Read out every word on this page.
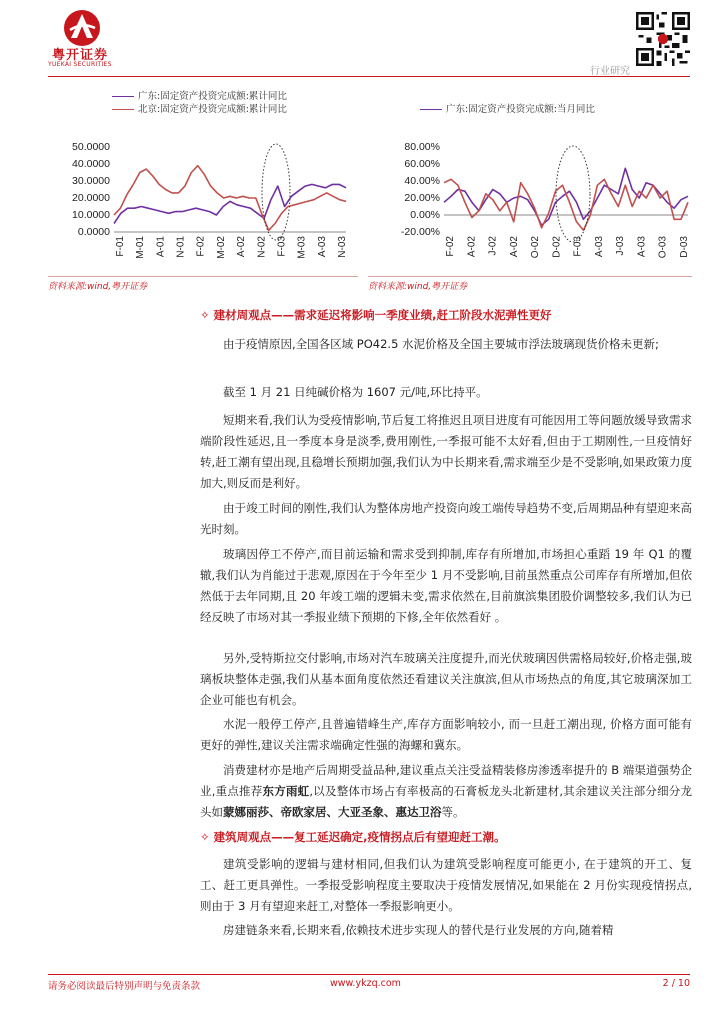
粤开证券
YUEKAI SECURITIES
行业研究
广东:固定资产投资完成额:累计同比
北京:固定资产投资完成额:累计同比	广东:固定资产投资完成额:当月同比
0.0000
10.0000
20.0000
30.0000
40.0000
50.0000
F-01 M-01 A-01 N-01 F-02 M-02 A-02 N-02 F-03 M-03 A-03 N-03
-20.00%
0.00%
20.00%
40.00%
60.00%
80.00%
F-02 A-02 J-02 A-02 O-02 D-02 F-03 A-03 J-03 A-03 O-03 D-03
资料来源:wind,粤开证券	资料来源:wind,粤开证券
✧ 建材周观点——需求延迟将影响一季度业绩,赶工阶段水泥弹性更好
由于疫情原因,全国各区域 PO42.5 水泥价格及全国主要城市浮法玻璃现货价格未更新;
截至 1 月 21 日纯碱价格为 1607 元/吨,环比持平。
短期来看,我们认为受疫情影响,节后复工将推迟且项目进度有可能因用工等问题放缓导致需求端阶段性延迟,且一季度本身是淡季,费用刚性,一季报可能不太好看,但由于工期刚性,一旦疫情好转,赶工潮有望出现,且稳增长预期加强,我们认为中长期来看,需求端至少是不受影响,如果政策力度加大,则反而是利好。
由于竣工时间的刚性,我们认为整体房地产投资向竣工端传导趋势不变,后周期品种有望迎来高光时刻。
玻璃因停工不停产,而目前运输和需求受到抑制,库存有所增加,市场担心重蹈 19 年 Q1 的覆辙,我们认为肖能过于悲观,原因在于今年至少 1 月不受影响,目前虽然重点公司库存有所增加,但依然低于去年同期,且 20 年竣工端的逻辑未变,需求依然在,目前旗滨集团股价调整较多,我们认为已经反映了市场对其一季报业绩下预期的下修,全年依然看好 。
另外,受特斯拉交付影响,市场对汽车玻璃关注度提升,而光伏玻璃因供需格局较好,价格走强,玻璃板块整体走强,我们从基本面角度依然还看建议关注旗滨,但从市场热点的角度,其它玻璃深加工企业可能也有机会。
水泥一般停工停产,且普遍错峰生产,库存方面影响较小, 而一旦赶工潮出现, 价格方面可能有更好的弹性,建议关注需求端确定性强的海螺和冀东。
消费建材亦是地产后周期受益品种,建议重点关注受益精装修房渗透率提升的 B 端渠道强势企业,重点推荐东方雨虹,以及整体市场占有率极高的石膏板龙头北新建材,其余建议关注部分细分龙头如蒙娜丽莎、帝欧家居、大亚圣象、惠达卫浴等。
✧ 建筑周观点——复工延迟确定,疫情拐点后有望迎赶工潮。
建筑受影响的逻辑与建材相同,但我们认为建筑受影响程度可能更小, 在于建筑的开工、复工、赶工更具弹性。一季报受影响程度主要取决于疫情发展情况,如果能在 2 月份实现疫情拐点,则由于 3 月有望迎来赶工,对整体一季报影响更小。
房建链条来看,长期来看,依赖技术进步实现人的替代是行业发展的方向,随着精
请务必阅读最后特别声明与免责条款	www.ykzq.com	2 / 10
